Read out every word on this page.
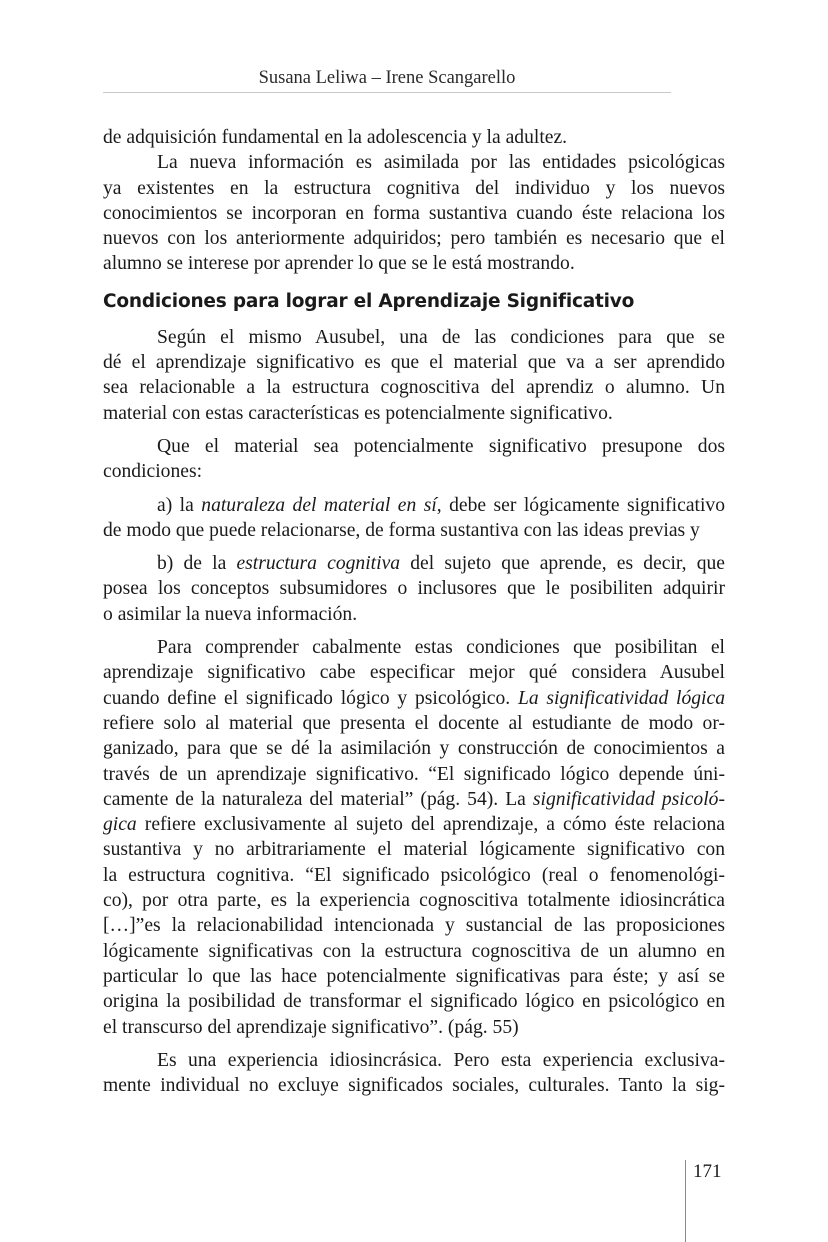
Susana Leliwa – Irene Scangarello
de adquisición fundamental en la adolescencia y la adultez.
La nueva información es asimilada por las entidades psicológicas
ya existentes en la estructura cognitiva del individuo y los nuevos
conocimientos se incorporan en forma sustantiva cuando éste relaciona los
nuevos con los anteriormente adquiridos; pero también es necesario que el
alumno se interese por aprender lo que se le está mostrando.
Condiciones para lograr el Aprendizaje Significativo
Según el mismo Ausubel, una de las condiciones para que se
dé el aprendizaje significativo es que el material que va a ser aprendido
sea relacionable a la estructura cognoscitiva del aprendiz o alumno. Un
material con estas características es potencialmente significativo.
Que el material sea potencialmente significativo presupone dos
condiciones:
a) la naturaleza del material en sí, debe ser lógicamente significativo
de modo que puede relacionarse, de forma sustantiva con las ideas previas y
b) de la estructura cognitiva del sujeto que aprende, es decir, que
posea los conceptos subsumidores o inclusores que le posibiliten adquirir
o asimilar la nueva información.
Para comprender cabalmente estas condiciones que posibilitan el
aprendizaje significativo cabe especificar mejor qué considera Ausubel
cuando define el significado lógico y psicológico. La significatividad lógica
refiere solo al material que presenta el docente al estudiante de modo or-
ganizado, para que se dé la asimilación y construcción de conocimientos a
través de un aprendizaje significativo. “El significado lógico depende úni-
camente de la naturaleza del material” (pág. 54). La significatividad psicoló-
gica refiere exclusivamente al sujeto del aprendizaje, a cómo éste relaciona
sustantiva y no arbitrariamente el material lógicamente significativo con
la estructura cognitiva. “El significado psicológico (real o fenomenológi-
co), por otra parte, es la experiencia cognoscitiva totalmente idiosincrática
[…]”es la relacionabilidad intencionada y sustancial de las proposiciones
lógicamente significativas con la estructura cognoscitiva de un alumno en
particular lo que las hace potencialmente significativas para éste; y así se
origina la posibilidad de transformar el significado lógico en psicológico en
el transcurso del aprendizaje significativo”. (pág. 55)
Es una experiencia idiosincrásica. Pero esta experiencia exclusiva-
mente individual no excluye significados sociales, culturales. Tanto la sig-
171
